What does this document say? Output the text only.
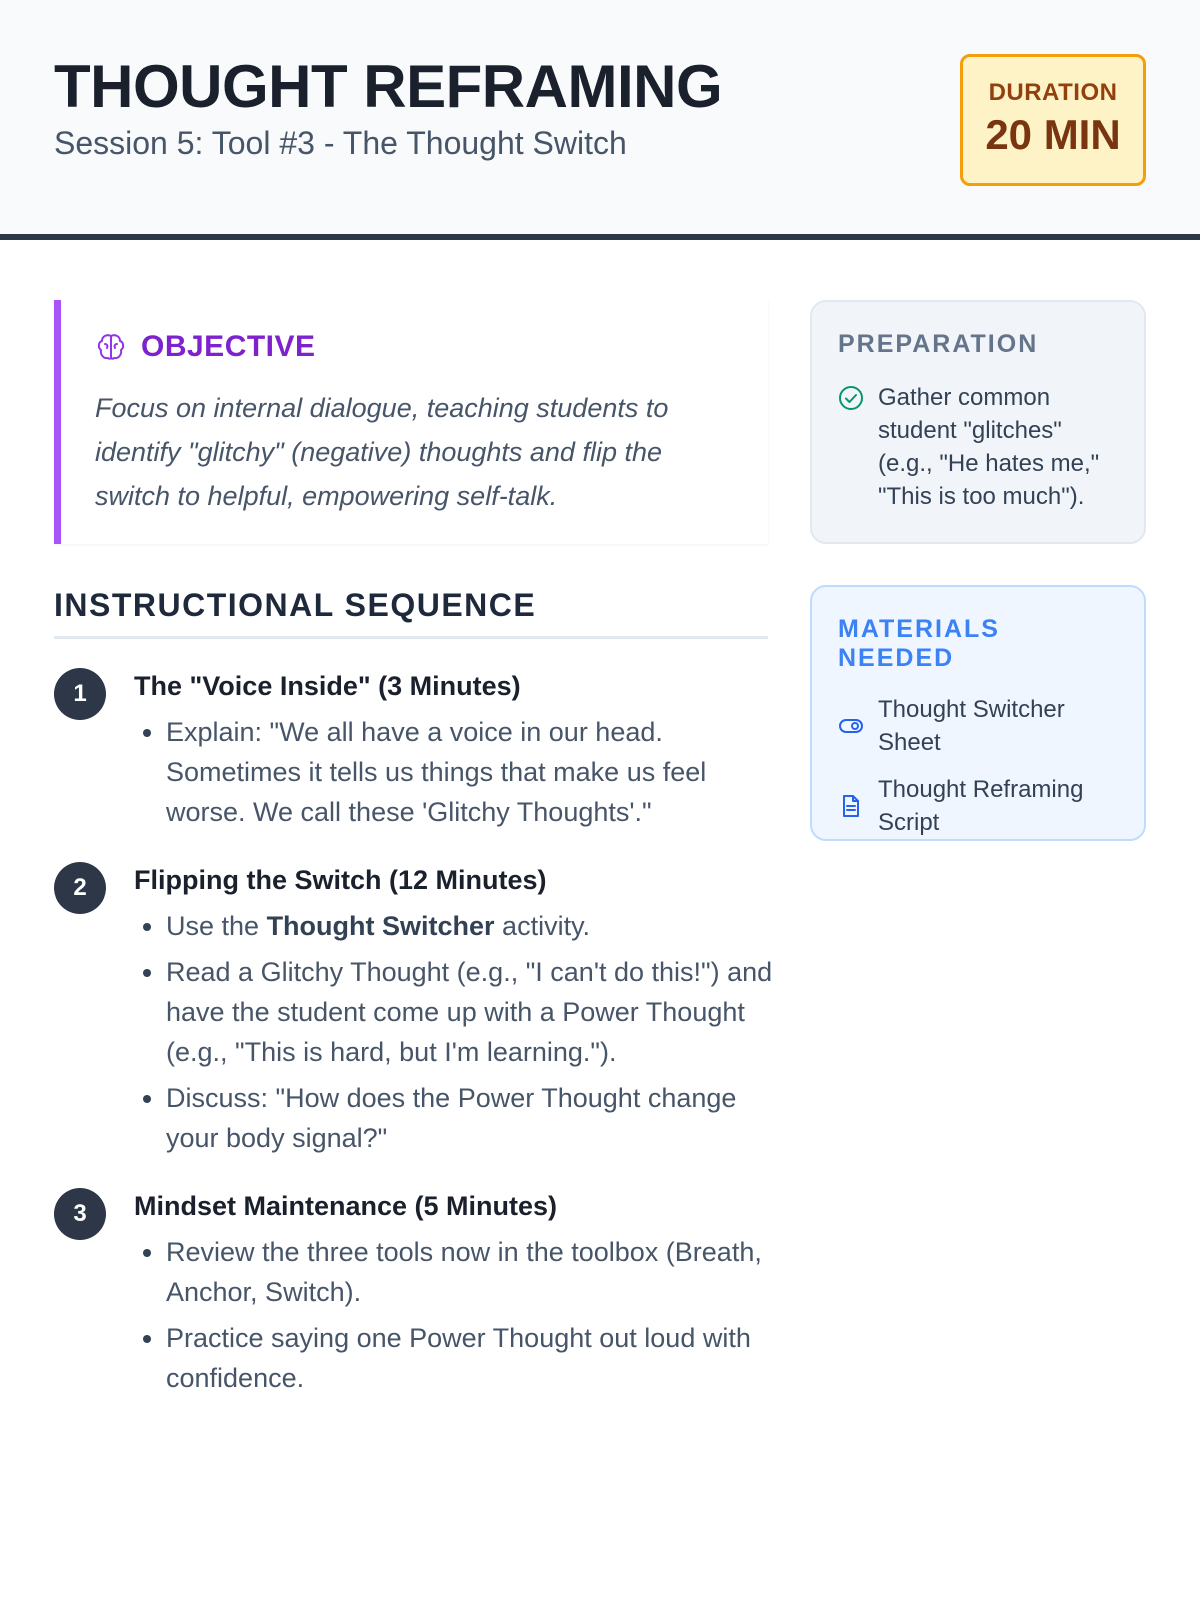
THOUGHT REFRAMING
Session 5: Tool #3 - The Thought Switch
DURATION
20 MIN
OBJECTIVE
Focus on internal dialogue, teaching students to identify "glitchy" (negative) thoughts and flip the switch to helpful, empowering self-talk.
INSTRUCTIONAL SEQUENCE
1	The "Voice Inside" (3 Minutes)
• Explain: "We all have a voice in our head. Sometimes it tells us things that make us feel worse. We call these 'Glitchy Thoughts'."
2	Flipping the Switch (12 Minutes)
• Use the Thought Switcher activity.
• Read a Glitchy Thought (e.g., "I can't do this!") and have the student come up with a Power Thought (e.g., "This is hard, but I'm learning.").
• Discuss: "How does the Power Thought change your body signal?"
3	Mindset Maintenance (5 Minutes)
• Review the three tools now in the toolbox (Breath, Anchor, Switch).
• Practice saying one Power Thought out loud with confidence.
PREPARATION
Gather common student "glitches" (e.g., "He hates me," "This is too much").
MATERIALS NEEDED
Thought Switcher Sheet
Thought Reframing Script
